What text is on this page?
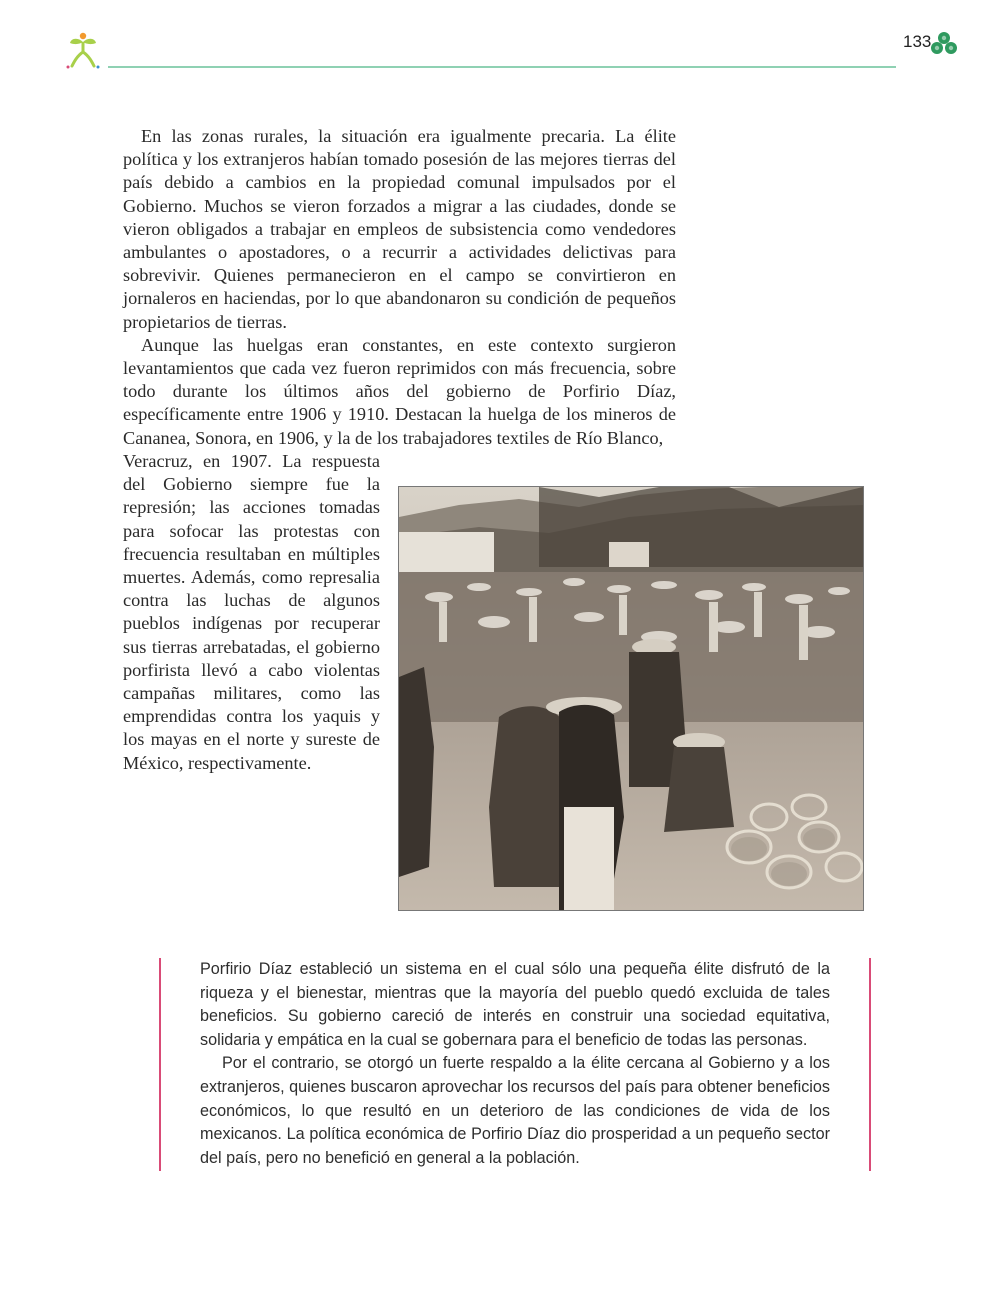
133

En las zonas rurales, la situación era igualmente precaria. La élite política y los extranjeros habían tomado posesión de las mejores tierras del país debido a cambios en la propiedad comunal impulsados por el Gobierno. Muchos se vieron forzados a migrar a las ciudades, donde se vieron obligados a trabajar en empleos de subsistencia como vendedores ambulantes o apostadores, o a recurrir a actividades delictivas para sobrevivir. Quienes permanecieron en el campo se convirtieron en jornaleros en haciendas, por lo que abandonaron su condición de pequeños propietarios de tierras.

Aunque las huelgas eran constantes, en este contexto surgieron levantamientos que cada vez fueron reprimidos con más frecuencia, sobre todo durante los últimos años del gobierno de Porfirio Díaz, específicamente entre 1906 y 1910. Destacan la huelga de los mineros de Cananea, Sonora, en 1906, y la de los trabajadores textiles de Río Blanco,

Veracruz, en 1907. La respuesta del Gobierno siempre fue la represión; las acciones tomadas para sofocar las protestas con frecuencia resultaban en múltiples muertes. Además, como represalia contra las luchas de algunos pueblos indígenas por recuperar sus tierras arrebatadas, el gobierno porfirista llevó a cabo violentas campañas militares, como las emprendidas contra los yaquis y los mayas en el norte y sureste de México, respectivamente.

Porfirio Díaz estableció un sistema en el cual sólo una pequeña élite disfrutó de la riqueza y el bienestar, mientras que la mayoría del pueblo quedó excluida de tales beneficios. Su gobierno careció de interés en construir una sociedad equitativa, solidaria y empática en la cual se gobernara para el beneficio de todas las personas.

Por el contrario, se otorgó un fuerte respaldo a la élite cercana al Gobierno y a los extranjeros, quienes buscaron aprovechar los recursos del país para obtener beneficios económicos, lo que resultó en un deterioro de las condiciones de vida de los mexicanos. La política económica de Porfirio Díaz dio prosperidad a un pequeño sector del país, pero no benefició en general a la población.
